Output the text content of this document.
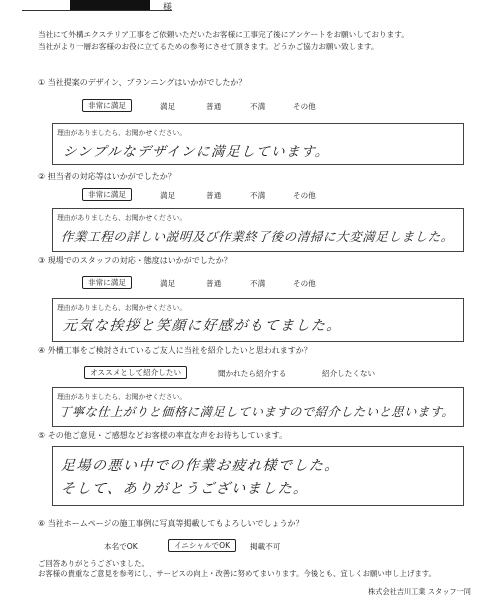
様
当社にて外構エクステリア工事をご依頼いただいたお客様に工事完了後にアンケートをお願いしております。
当社がより一層お客様のお役に立てるための参考にさせて頂きます。どうかご協力お願い致します。
① 当社提案のデザイン、プランニングはいかがでしたか？
非常に満足	満足	普通	不満	その他
理由がありましたら、お聞かせください。
シンプルなデザインに満足しています。
② 担当者の対応等はいかがでしたか？
非常に満足	満足	普通	不満	その他
理由がありましたら、お聞かせください。
作業工程の詳しい説明及び作業終了後の清掃に大変満足しました。
③ 現場でのスタッフの対応・態度はいかがでしたか？
非常に満足	満足	普通	不満	その他
理由がありましたら、お聞かせください。
元気な挨拶と笑顔に好感がもてました。
④ 外構工事をご検討されているご友人に当社を紹介したいと思われますか？
オススメとして紹介したい	聞かれたら紹介する	紹介したくない
理由がありましたら、お聞かせください。
丁寧な仕上がりと価格に満足していますので紹介したいと思います。
⑤ その他ご意見・ご感想などお客様の率直な声をお待ちしています。
足場の悪い中での作業お疲れ様でした。
そして、ありがとうございました。
⑥ 当社ホームページの施工事例に写真等掲載してもよろしいでしょうか？
本名でOK	イニシャルでOK	掲載不可
ご回答ありがとうございました。
お客様の貴重なご意見を参考にし、サービスの向上・改善に努めてまいります。今後とも、宜しくお願い申し上げます。
株式会社吉川工業 スタッフ一同
